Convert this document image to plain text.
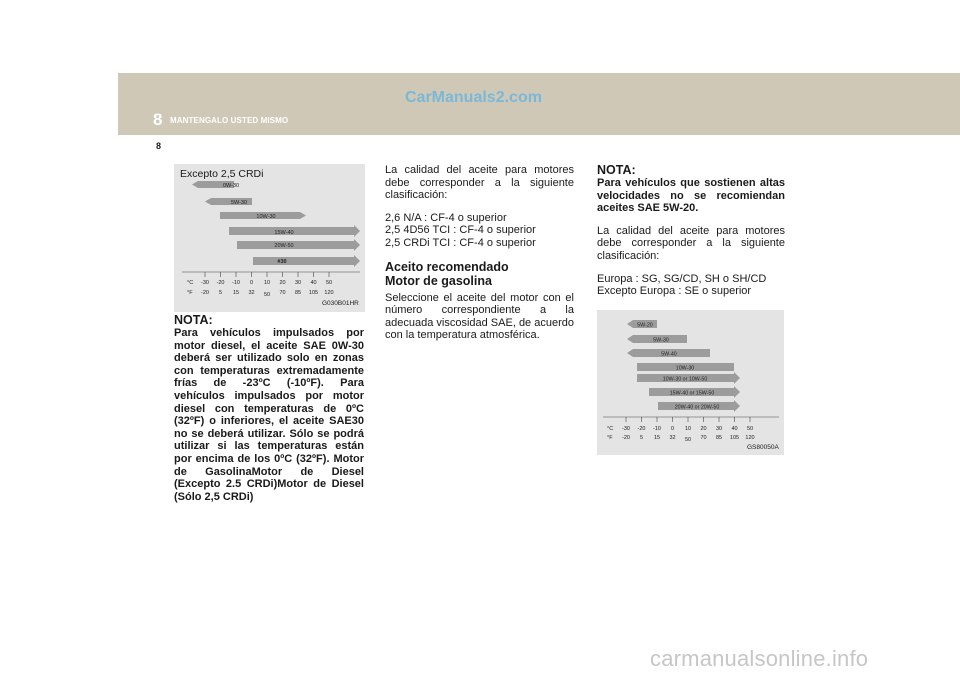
8 MANTENGALO USTED MISMO
CarManuals2.com
8
Excepto 2,5 CRDi
0W-30
5W-30
10W-30
15W-40
20W-50
#30
-30
-20
-20
5
-10
15
0
32
10
50
20
70
30
85
40
105
50
120
°C
°F
G030B01HR
5W-20
5W-30
5W-40
10W-30
10W-30 or 10W-50
15W-40 or 15W-50
20W-40 or 20W-50
-30
-20
-20
5
-10
15
0
32
10
50
20
70
30
85
40
105
50
120
°C
°F
GS80050A
NOTA:
Para vehículos impulsados por motor diesel, el aceite SAE 0W-30 deberá ser utilizado solo en zonas con temperaturas extremadamente frías de -23ºC (-10ºF). Para vehículos impulsados por motor diesel con temperaturas de 0ºC (32ºF) o inferiores, el aceite SAE30 no se deberá utilizar. Sólo se podrá utilizar si las temperaturas están por encima de los 0ºC (32ºF). Motor de GasolinaMotor de Diesel (Excepto 2.5 CRDi)Motor de Diesel (Sólo 2,5 CRDi)
La calidad del aceite para motores debe corresponder a la siguiente clasificación:
2,6 N/A : CF-4 o superior
2,5 4D56 TCI : CF-4 o superior
2,5 CRDi TCI : CF-4 o superior
Aceito recomendado
Motor de gasolina
Seleccione el aceite del motor con el número correspondiente a la adecuada viscosidad SAE, de acuerdo con la temperatura atmosférica.
NOTA:
Para vehículos que sostienen altas velocidades no se recomiendan aceites SAE 5W-20.
La calidad del aceite para motores debe corresponder a la siguiente clasificación:
Europa : SG, SG/CD, SH o SH/CD
Excepto Europa : SE o superior
carmanualsonline.info
